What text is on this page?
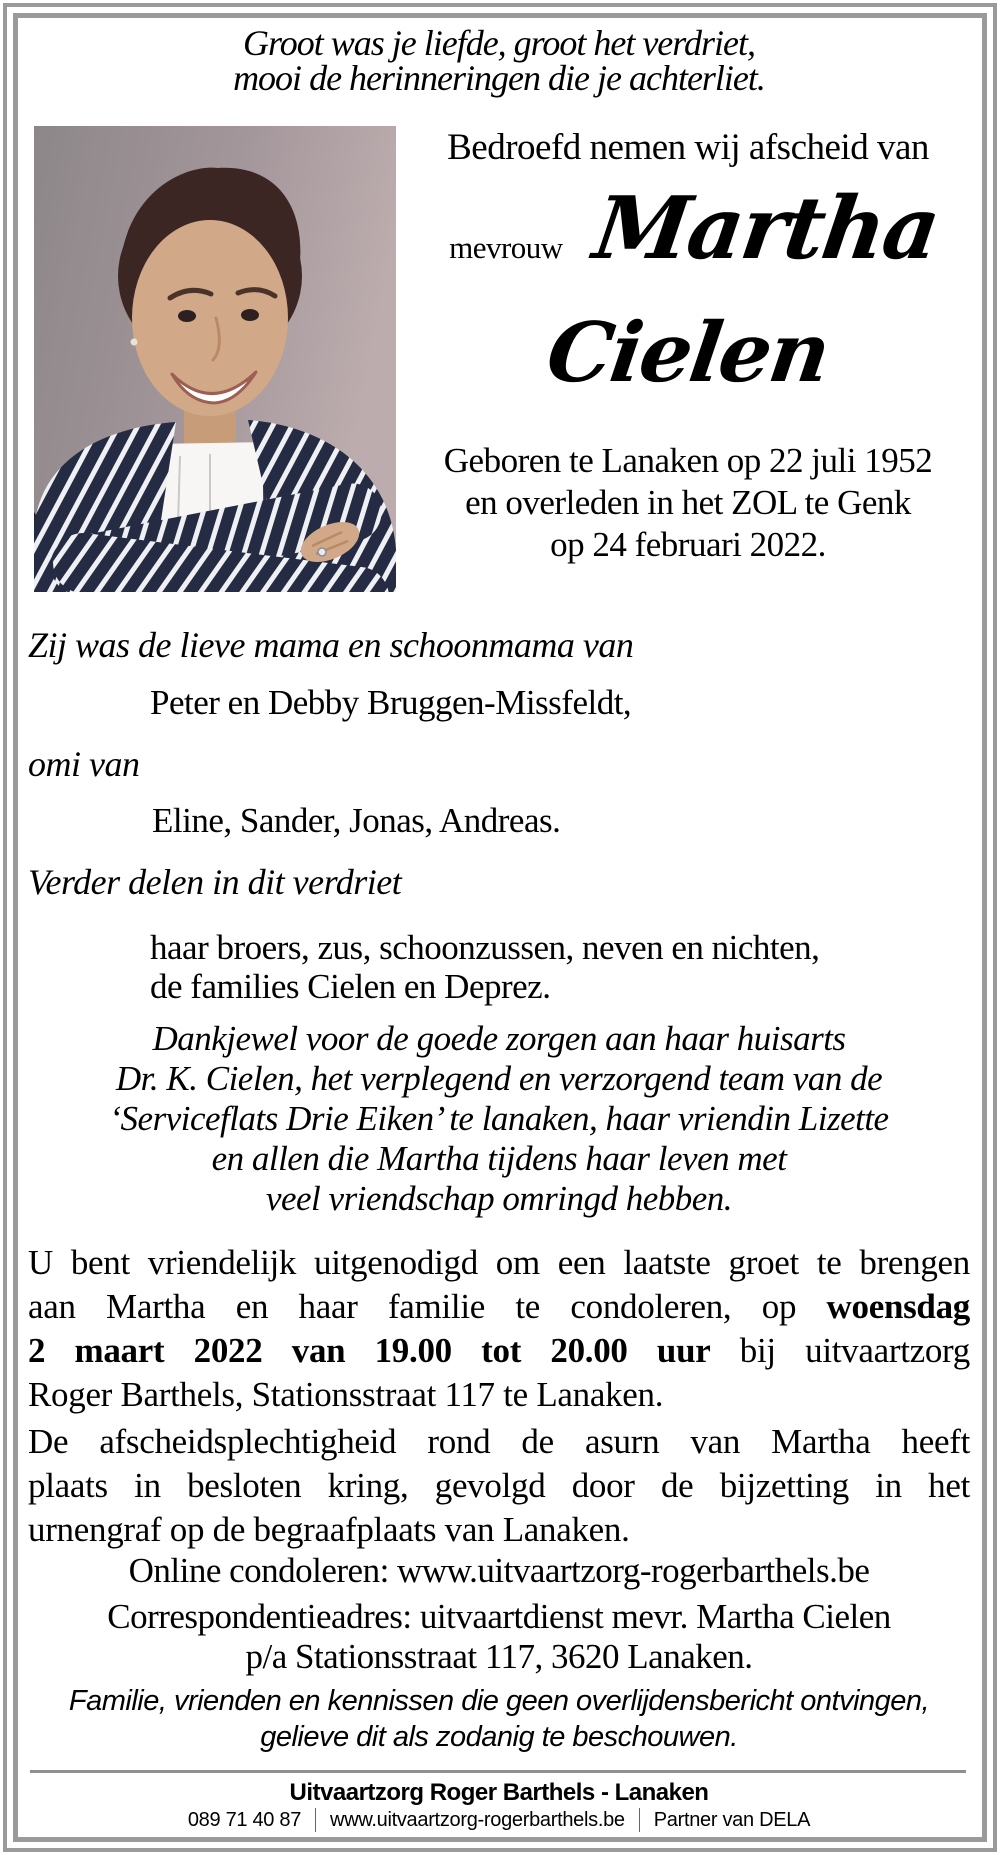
Groot was je liefde, groot het verdriet,
mooi de herinneringen die je achterliet.
Bedroefd nemen wij afscheid van
mevrouw Martha
Cielen
Geboren te Lanaken op 22 juli 1952
en overleden in het ZOL te Genk
op 24 februari 2022.
Zij was de lieve mama en schoonmama van
Peter en Debby Bruggen-Missfeldt,
omi van
Eline, Sander, Jonas, Andreas.
Verder delen in dit verdriet
haar broers, zus, schoonzussen, neven en nichten,
de families Cielen en Deprez.
Dankjewel voor de goede zorgen aan haar huisarts
Dr. K. Cielen, het verplegend en verzorgend team van de
‘Serviceflats Drie Eiken’ te lanaken, haar vriendin Lizette
en allen die Martha tijdens haar leven met
veel vriendschap omringd hebben.
U bent vriendelijk uitgenodigd om een laatste groet te brengen
aan Martha en haar familie te condoleren, op woensdag
2 maart 2022 van 19.00 tot 20.00 uur bij uitvaartzorg
Roger Barthels, Stationsstraat 117 te Lanaken.
De afscheidsplechtigheid rond de asurn van Martha heeft
plaats in besloten kring, gevolgd door de bijzetting in het
urnengraf op de begraafplaats van Lanaken.
Online condoleren: www.uitvaartzorg-rogerbarthels.be
Correspondentieadres: uitvaartdienst mevr. Martha Cielen
p/a Stationsstraat 117, 3620 Lanaken.
Familie, vrienden en kennissen die geen overlijdensbericht ontvingen,
gelieve dit als zodanig te beschouwen.
Uitvaartzorg Roger Barthels - Lanaken
089 71 40 87 www.uitvaartzorg-rogerbarthels.be Partner van DELA
